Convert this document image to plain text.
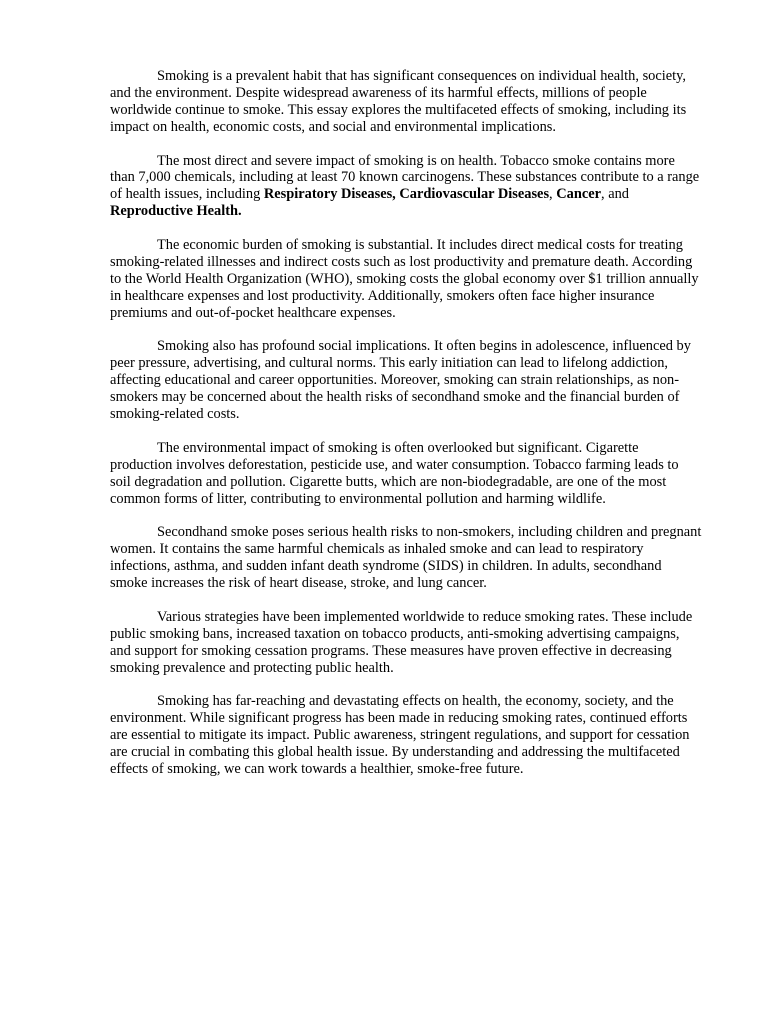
Smoking is a prevalent habit that has significant consequences on individual health, society, and the environment. Despite widespread awareness of its harmful effects, millions of people worldwide continue to smoke. This essay explores the multifaceted effects of smoking, including its impact on health, economic costs, and social and environmental implications.

The most direct and severe impact of smoking is on health. Tobacco smoke contains more than 7,000 chemicals, including at least 70 known carcinogens. These substances contribute to a range of health issues, including Respiratory Diseases, Cardiovascular Diseases, Cancer, and Reproductive Health.

The economic burden of smoking is substantial. It includes direct medical costs for treating smoking-related illnesses and indirect costs such as lost productivity and premature death. According to the World Health Organization (WHO), smoking costs the global economy over $1 trillion annually in healthcare expenses and lost productivity. Additionally, smokers often face higher insurance premiums and out-of-pocket healthcare expenses.

Smoking also has profound social implications. It often begins in adolescence, influenced by peer pressure, advertising, and cultural norms. This early initiation can lead to lifelong addiction, affecting educational and career opportunities. Moreover, smoking can strain relationships, as non-smokers may be concerned about the health risks of secondhand smoke and the financial burden of smoking-related costs.

The environmental impact of smoking is often overlooked but significant. Cigarette production involves deforestation, pesticide use, and water consumption. Tobacco farming leads to soil degradation and pollution. Cigarette butts, which are non-biodegradable, are one of the most common forms of litter, contributing to environmental pollution and harming wildlife.

Secondhand smoke poses serious health risks to non-smokers, including children and pregnant women. It contains the same harmful chemicals as inhaled smoke and can lead to respiratory infections, asthma, and sudden infant death syndrome (SIDS) in children. In adults, secondhand smoke increases the risk of heart disease, stroke, and lung cancer.

Various strategies have been implemented worldwide to reduce smoking rates. These include public smoking bans, increased taxation on tobacco products, anti-smoking advertising campaigns, and support for smoking cessation programs. These measures have proven effective in decreasing smoking prevalence and protecting public health.

Smoking has far-reaching and devastating effects on health, the economy, society, and the environment. While significant progress has been made in reducing smoking rates, continued efforts are essential to mitigate its impact. Public awareness, stringent regulations, and support for cessation are crucial in combating this global health issue. By understanding and addressing the multifaceted effects of smoking, we can work towards a healthier, smoke-free future.
